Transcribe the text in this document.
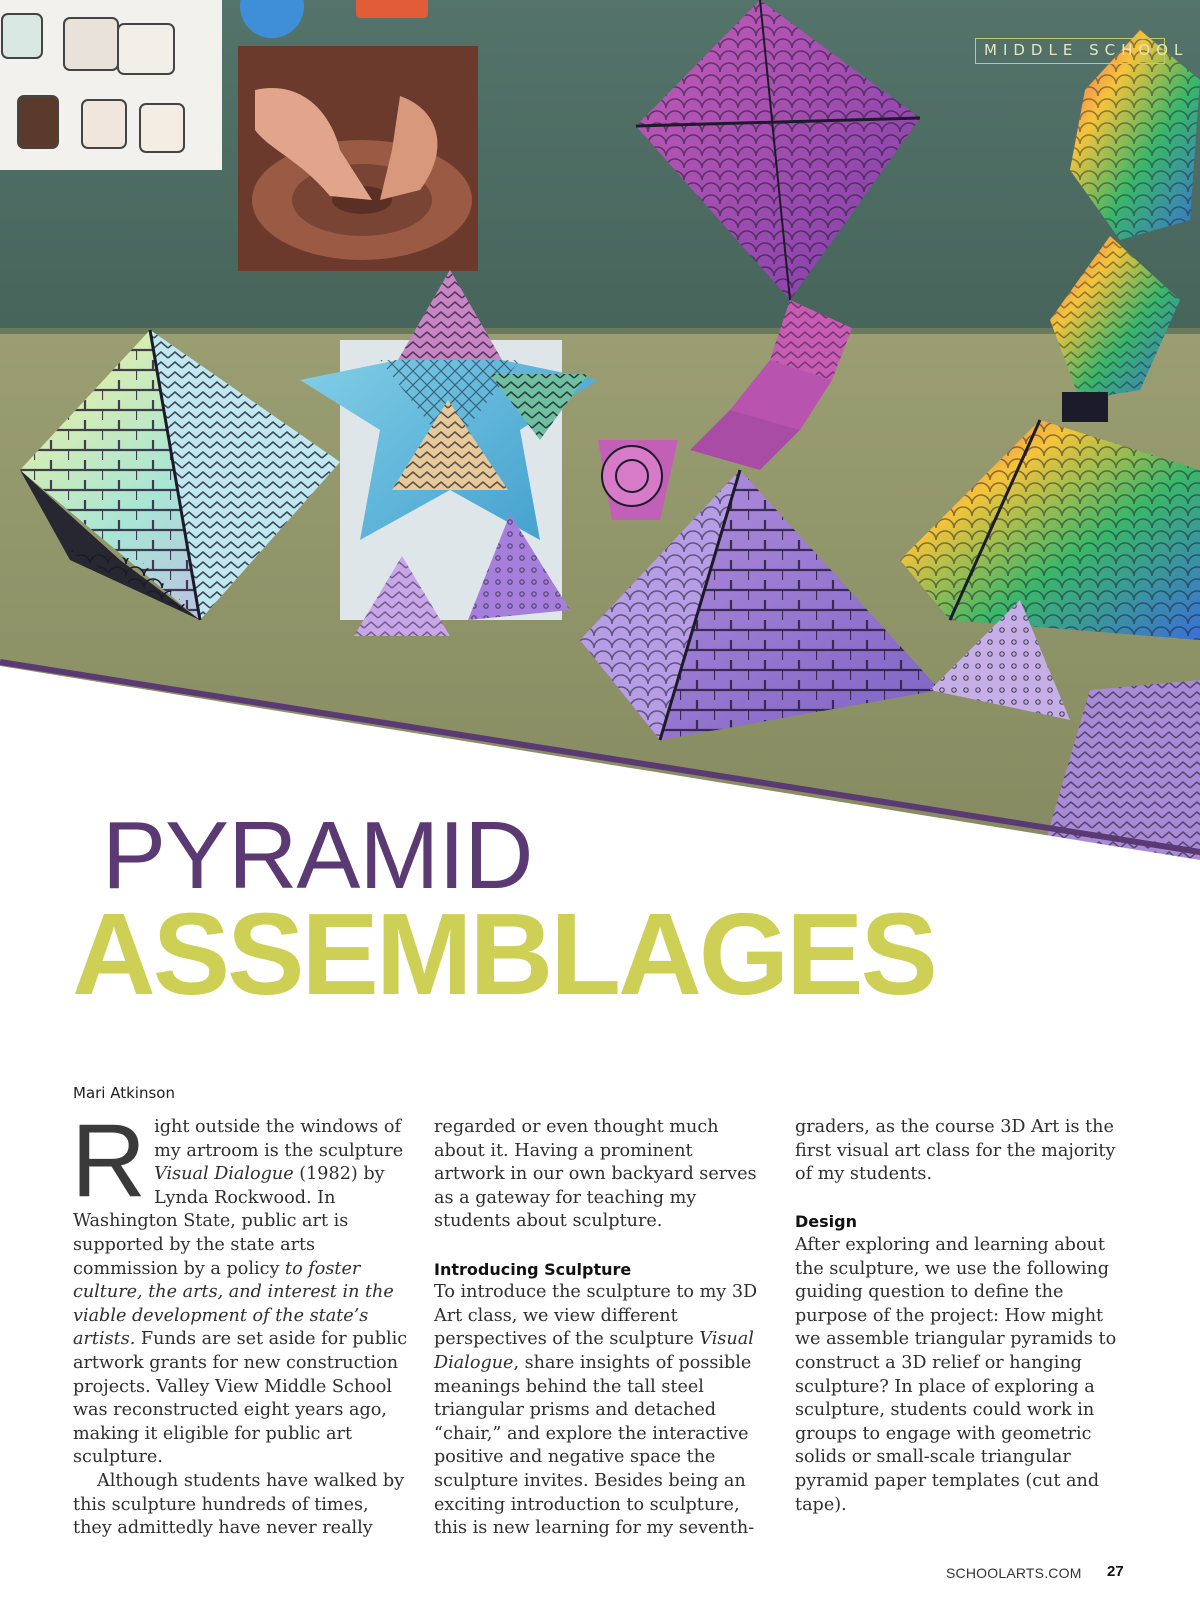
MIDDLE SCHOOL
PYRAMID
ASSEMBLAGES
Mari Atkinson

Right outside the windows of my artroom is the sculpture Visual Dialogue (1982) by Lynda Rockwood. In Washington State, public art is supported by the state arts commission by a policy to foster culture, the arts, and interest in the viable development of the state’s artists. Funds are set aside for public artwork grants for new construction projects. Valley View Middle School was reconstructed eight years ago, making it eligible for public art sculpture.

Although students have walked by this sculpture hundreds of times, they admittedly have never really

regarded or even thought much about it. Having a prominent artwork in our own backyard serves as a gateway for teaching my students about sculpture.

Introducing Sculpture

To introduce the sculpture to my 3D Art class, we view different perspectives of the sculpture Visual Dialogue, share insights of possible meanings behind the tall steel triangular prisms and detached “chair,” and explore the interactive positive and negative space the sculpture invites. Besides being an exciting introduction to sculpture, this is new learning for my seventh-

graders, as the course 3D Art is the first visual art class for the majority of my students.

Design

After exploring and learning about the sculpture, we use the following guiding question to define the purpose of the project: How might we assemble triangular pyramids to construct a 3D relief or hanging sculpture? In place of exploring a sculpture, students could work in groups to engage with geometric solids or small-scale triangular pyramid paper templates (cut and tape).

SCHOOLARTS.COM 27
